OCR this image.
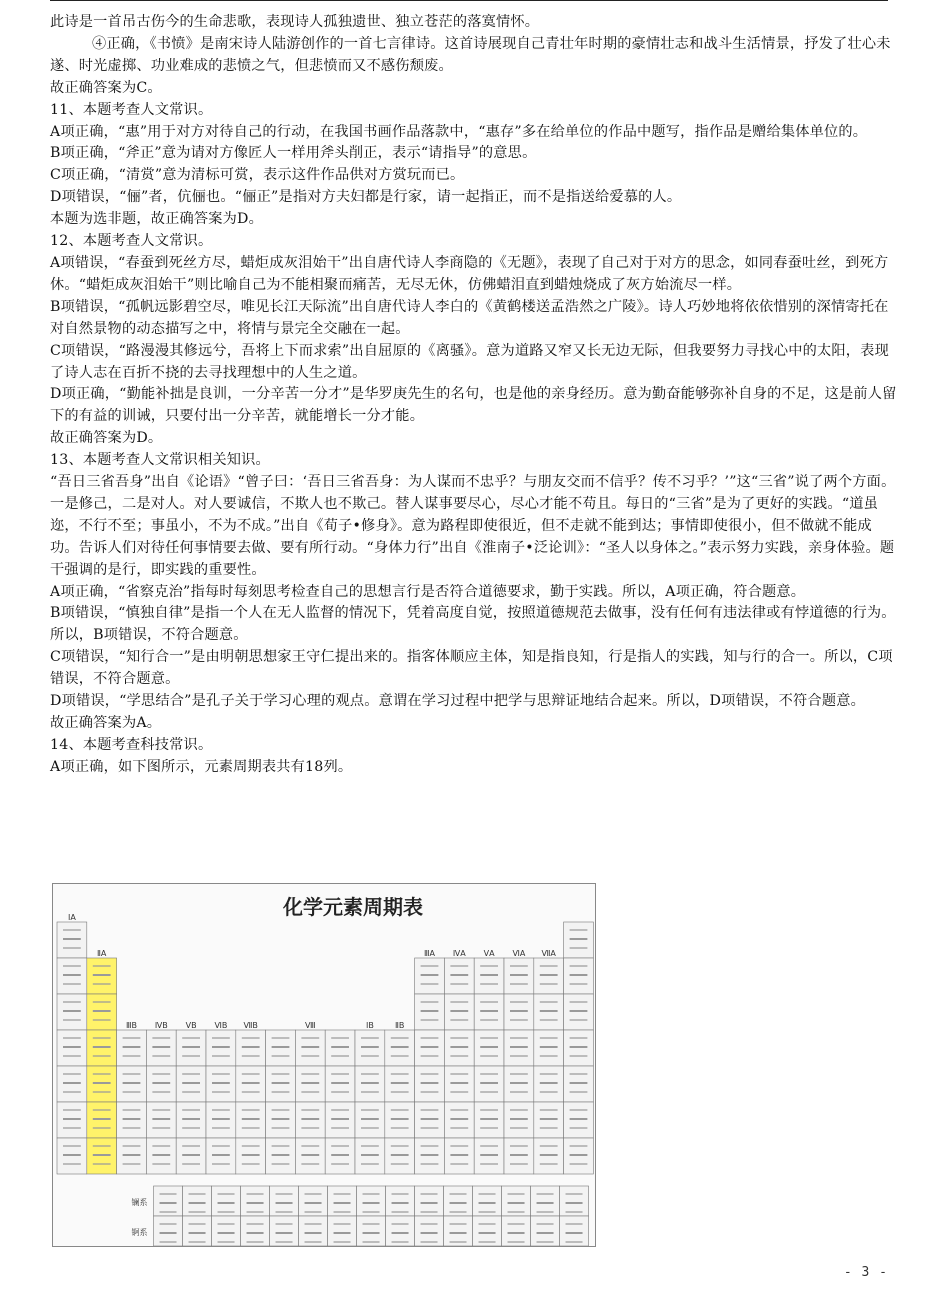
此诗是一首吊古伤今的生命悲歌，表现诗人孤独遗世、独立苍茫的落寞情怀。

④正确，《书愤》是南宋诗人陆游创作的一首七言律诗。这首诗展现自己青壮年时期的豪情壮志和战斗生活情景，抒发了壮心未遂、时光虚掷、功业难成的悲愤之气，但悲愤而又不感伤颓废。

故正确答案为C。

11、本题考查人文常识。

A项正确，“惠”用于对方对待自己的行动，在我国书画作品落款中，“惠存”多在给单位的作品中题写，指作品是赠给集体单位的。

B项正确，“斧正”意为请对方像匠人一样用斧头削正，表示“请指导”的意思。

C项正确，“清赏”意为清标可赏，表示这件作品供对方赏玩而已。

D项错误，“俪”者，伉俪也。“俪正”是指对方夫妇都是行家，请一起指正，而不是指送给爱慕的人。

本题为选非题，故正确答案为D。

12、本题考查人文常识。

A项错误，“春蚕到死丝方尽，蜡炬成灰泪始干”出自唐代诗人李商隐的《无题》，表现了自己对于对方的思念，如同春蚕吐丝，到死方休。“蜡炬成灰泪始干”则比喻自己为不能相聚而痛苦，无尽无休，仿佛蜡泪直到蜡烛烧成了灰方始流尽一样。

B项错误，“孤帆远影碧空尽，唯见长江天际流”出自唐代诗人李白的《黄鹤楼送孟浩然之广陵》。诗人巧妙地将依依惜别的深情寄托在对自然景物的动态描写之中，将情与景完全交融在一起。

C项错误，“路漫漫其修远兮，吾将上下而求索”出自屈原的《离骚》。意为道路又窄又长无边无际，但我要努力寻找心中的太阳，表现了诗人志在百折不挠的去寻找理想中的人生之道。

D项正确，“勤能补拙是良训，一分辛苦一分才”是华罗庚先生的名句，也是他的亲身经历。意为勤奋能够弥补自身的不足，这是前人留下的有益的训诫，只要付出一分辛苦，就能增长一分才能。

故正确答案为D。

13、本题考查人文常识相关知识。

“吾日三省吾身”出自《论语》“曾子曰：‘吾日三省吾身：为人谋而不忠乎？与朋友交而不信乎？传不习乎？’”这“三省”说了两个方面。一是修己，二是对人。对人要诚信，不欺人也不欺己。替人谋事要尽心，尽心才能不苟且。每日的“三省”是为了更好的实践。“道虽迩，不行不至；事虽小，不为不成。”出自《荀子•修身》。意为路程即使很近，但不走就不能到达；事情即使很小，但不做就不能成功。告诉人们对待任何事情要去做、要有所行动。“身体力行”出自《淮南子•泛论训》：“圣人以身体之。”表示努力实践，亲身体验。题干强调的是行，即实践的重要性。

A项正确，“省察克治”指每时每刻思考检查自己的思想言行是否符合道德要求，勤于实践。所以，A项正确，符合题意。

B项错误，“慎独自律”是指一个人在无人监督的情况下，凭着高度自觉，按照道德规范去做事，没有任何有违法律或有悖道德的行为。所以，B项错误，不符合题意。

C项错误，“知行合一”是由明朝思想家王守仁提出来的。指客体顺应主体，知是指良知，行是指人的实践，知与行的合一。所以，C项错误，不符合题意。

D项错误，“学思结合”是孔子关于学习心理的观点。意谓在学习过程中把学与思辩证地结合起来。所以，D项错误，不符合题意。

故正确答案为A。

14、本题考查科技常识。

A项正确，如下图所示，元素周期表共有18列。

化学元素周期表
ⅠA
ⅡA
ⅢB ⅣB ⅤB ⅥB ⅦB	Ⅷ	ⅠB	ⅡB
ⅢA ⅣA ⅤA ⅥA ⅦA
镧系
锕系
- 3 -
